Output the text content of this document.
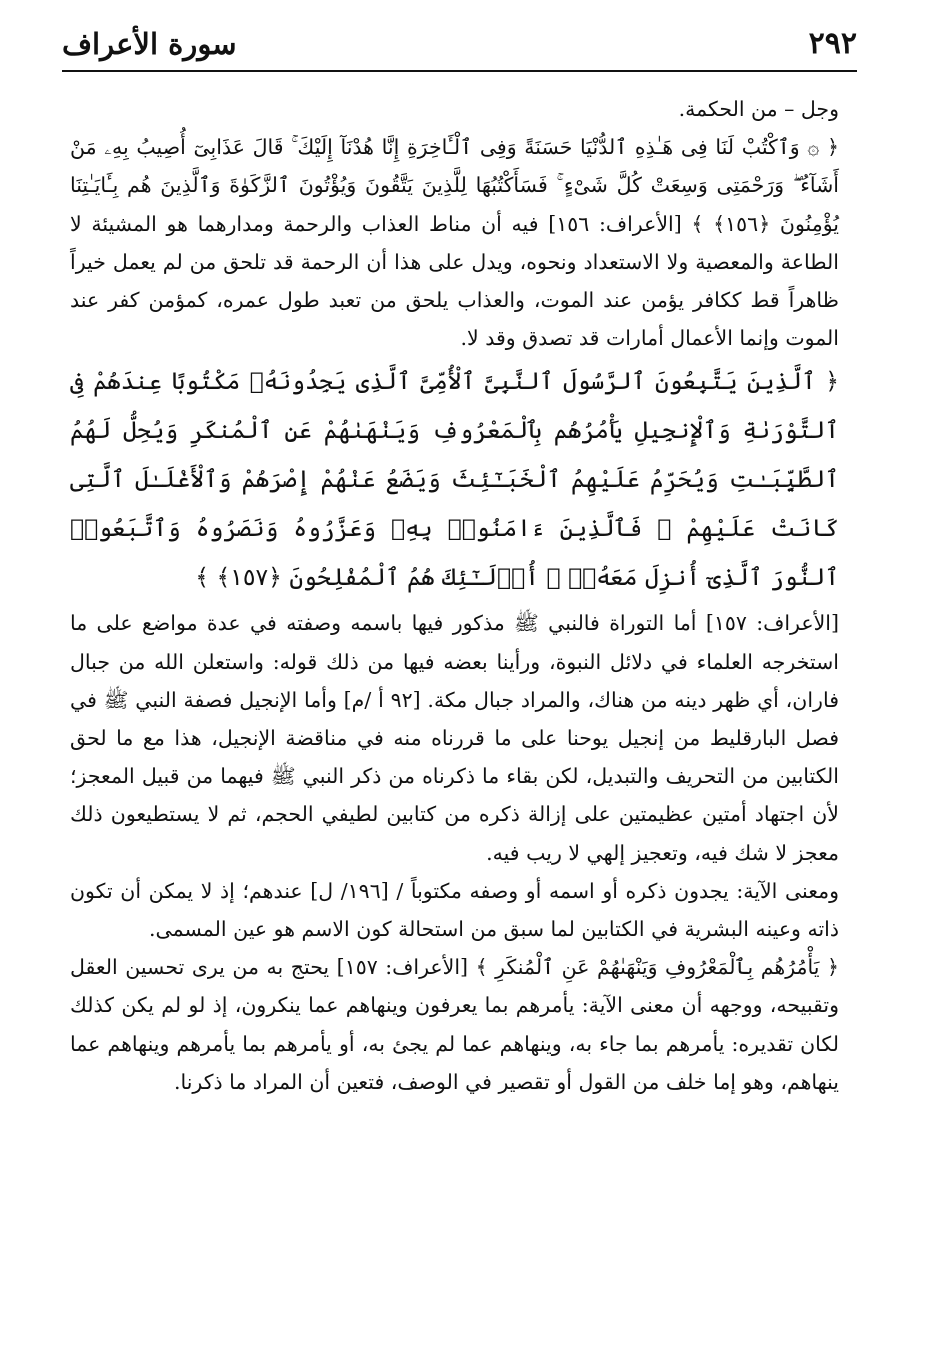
٢٩٢
سورة الأعراف

وجل – من الحكمة.

﴿ ۞ وَٱكْتُبْ لَنَا فِى هَـٰذِهِ ٱلدُّنْيَا حَسَنَةً وَفِى ٱلْـَٔاخِرَةِ إِنَّا هُدْنَآ إِلَيْكَ ۚ قَالَ عَذَابِىٓ أُصِيبُ بِهِۦ مَنْ أَشَآءُ ۖ وَرَحْمَتِى وَسِعَتْ كُلَّ شَىْءٍ ۚ فَسَأَكْتُبُهَا لِلَّذِينَ يَتَّقُونَ وَيُؤْتُونَ ٱلزَّكَوٰةَ وَٱلَّذِينَ هُم بِـَٔايَـٰتِنَا يُؤْمِنُونَ ﴿١٥٦﴾ ﴾ [الأعراف: ١٥٦] فيه أن مناط العذاب والرحمة ومدارهما هو المشيئة لا الطاعة والمعصية ولا الاستعداد ونحوه، ويدل على هذا أن الرحمة قد تلحق من لم يعمل خيراً ظاهراً قط ككافر يؤمن عند الموت، والعذاب يلحق من تعبد طول عمره، كمؤمن كفر عند الموت وإنما الأعمال أمارات قد تصدق وقد لا.

﴿ ٱلَّذِينَ يَتَّبِعُونَ ٱلرَّسُولَ ٱلنَّبِىَّ ٱلْأُمِّىَّ ٱلَّذِى يَجِدُونَهُۥ مَكْتُوبًا عِندَهُمْ فِى ٱلتَّوْرَىٰةِ وَٱلْإِنجِيلِ يَأْمُرُهُم بِٱلْمَعْرُوفِ وَيَنْهَىٰهُمْ عَنِ ٱلْمُنكَرِ وَيُحِلُّ لَهُمُ ٱلطَّيِّبَـٰتِ وَيُحَرِّمُ عَلَيْهِمُ ٱلْخَبَـٰٓئِثَ وَيَضَعُ عَنْهُمْ إِصْرَهُمْ وَٱلْأَغْلَـٰلَ ٱلَّتِى كَانَتْ عَلَيْهِمْ ۚ فَٱلَّذِينَ ءَامَنُوا۟ بِهِۦ وَعَزَّرُوهُ وَنَصَرُوهُ وَٱتَّبَعُوا۟ ٱلنُّورَ ٱلَّذِىٓ أُنزِلَ مَعَهُۥٓ ۙ أُو۟لَـٰٓئِكَ هُمُ ٱلْمُفْلِحُونَ ﴿١٥٧﴾ ﴾

[الأعراف: ١٥٧] أما التوراة فالنبي ﷺ مذكور فيها باسمه وصفته في عدة مواضع على ما استخرجه العلماء في دلائل النبوة، ورأينا بعضه فيها من ذلك قوله: واستعلن الله من جبال فاران، أي ظهر دينه من هناك، والمراد جبال مكة. [٩٢ أ /م] وأما الإنجيل فصفة النبي ﷺ في فصل البارقليط من إنجيل يوحنا على ما قررناه منه في مناقضة الإنجيل، هذا مع ما لحق الكتابين من التحريف والتبديل، لكن بقاء ما ذكرناه من ذكر النبي ﷺ فيهما من قبيل المعجز؛ لأن اجتهاد أمتين عظيمتين على إزالة ذكره من كتابين لطيفي الحجم، ثم لا يستطيعون ذلك معجز لا شك فيه، وتعجيز إلهي لا ريب فيه.

ومعنى الآية: يجدون ذكره أو اسمه أو وصفه مكتوباً / [١٩٦/ ل] عندهم؛ إذ لا يمكن أن تكون ذاته وعينه البشرية في الكتابين لما سبق من استحالة كون الاسم هو عين المسمى.

﴿ يَأْمُرُهُم بِٱلْمَعْرُوفِ وَيَنْهَىٰهُمْ عَنِ ٱلْمُنكَرِ ﴾ [الأعراف: ١٥٧] يحتج به من يرى تحسين العقل وتقبيحه، ووجهه أن معنى الآية: يأمرهم بما يعرفون وينهاهم عما ينكرون، إذ لو لم يكن كذلك لكان تقديره: يأمرهم بما جاء به، وينهاهم عما لم يجئ به، أو يأمرهم بما يأمرهم وينهاهم عما ينهاهم، وهو إما خلف من القول أو تقصير في الوصف، فتعين أن المراد ما ذكرنا.
